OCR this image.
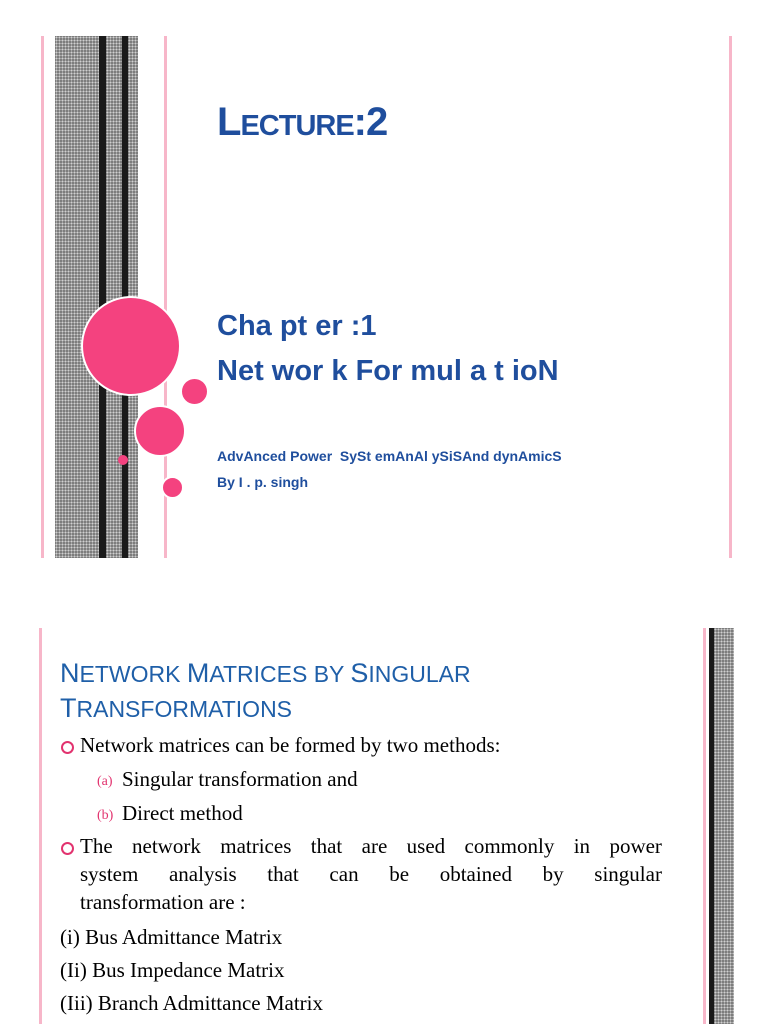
LECTURE:2
Cha pt er :1
Net wor k For mul a t ioN
AdvAnced Power  SySt emAnAl ySiSAnd dynAmicS
By I . p. singh
NETWORK MATRICES BY SINGULAR
TRANSFORMATIONS
Network matrices can be formed by two methods:
(a) Singular transformation and
(b) Direct method
The network matrices that are used commonly in power
system analysis that can be obtained by singular
transformation are :
(i) Bus Admittance Matrix
(Ii) Bus Impedance Matrix
(Iii) Branch Admittance Matrix
